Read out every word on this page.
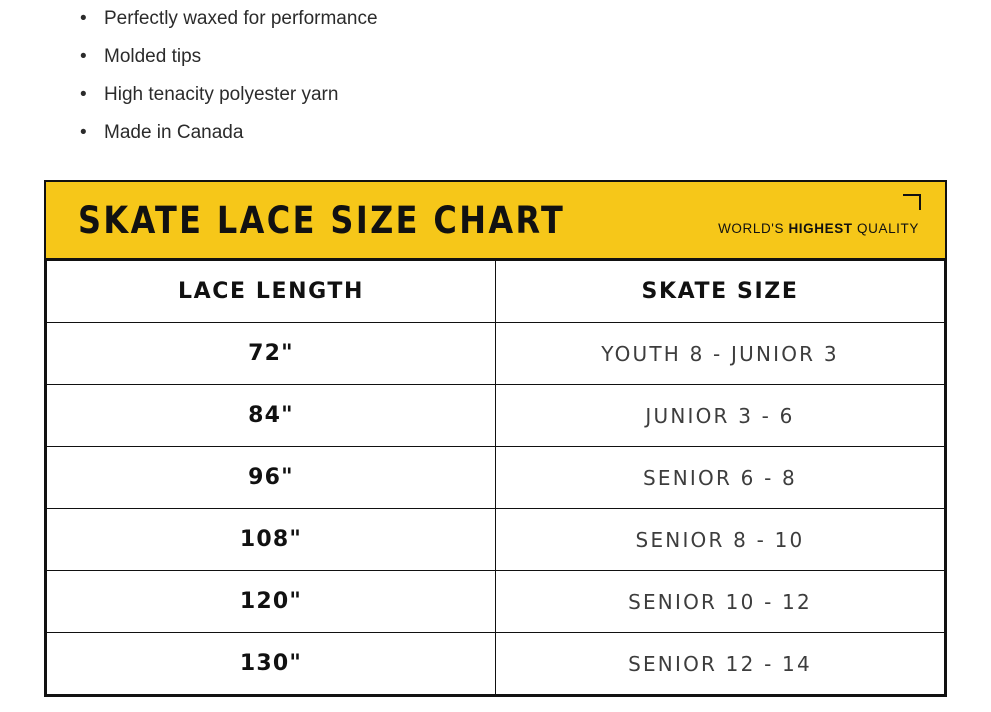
• Perfectly waxed for performance
• Molded tips
• High tenacity polyester yarn
• Made in Canada
SKATE LACE SIZE CHART	WORLD'S HIGHEST QUALITY
LACE LENGTH	SKATE SIZE
72"	YOUTH 8 - JUNIOR 3
84"	JUNIOR 3 - 6
96"	SENIOR 6 - 8
108"	SENIOR 8 - 10
120"	SENIOR 10 - 12
130"	SENIOR 12 - 14
